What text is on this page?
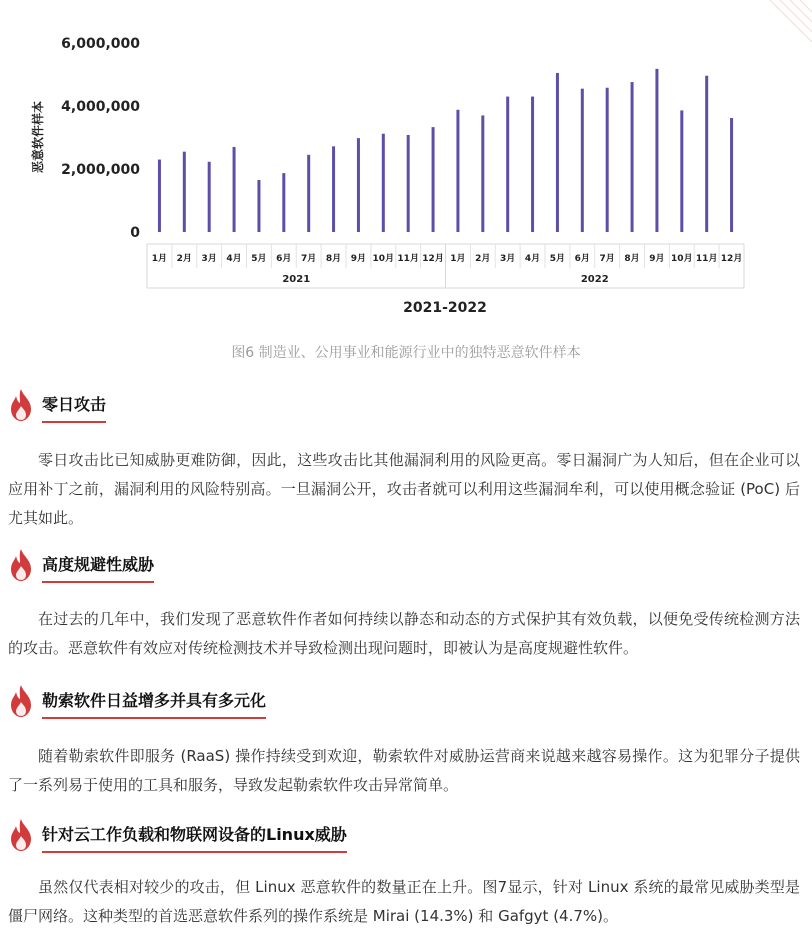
0
2,000,000
4,000,000
6,000,000
1月 2月 3月 4月 5月 6月 7月 8月 9月 10月 11月 12月 1月 2月 3月 4月 5月 6月 7月 8月 9月 10月 11月 12月
2021	2022
恶意软件样本
2021-2022
图6 制造业、公用事业和能源行业中的独特恶意软件样本
零日攻击
零日攻击比已知威胁更难防御，因此，这些攻击比其他漏洞利用的风险更高。零日漏洞广为人知后，但在企业可以应用补丁之前，漏洞利用的风险特别高。一旦漏洞公开，攻击者就可以利用这些漏洞牟利，可以使用概念验证 (PoC) 后尤其如此。
高度规避性威胁
在过去的几年中，我们发现了恶意软件作者如何持续以静态和动态的方式保护其有效负载，以便免受传统检测方法的攻击。恶意软件有效应对传统检测技术并导致检测出现问题时，即被认为是高度规避性软件。
勒索软件日益增多并具有多元化
随着勒索软件即服务 (RaaS) 操作持续受到欢迎，勒索软件对威胁运营商来说越来越容易操作。这为犯罪分子提供了一系列易于使用的工具和服务，导致发起勒索软件攻击异常简单。
针对云工作负载和物联网设备的Linux威胁
虽然仅代表相对较少的攻击，但 Linux 恶意软件的数量正在上升。图7显示，针对 Linux 系统的最常见威胁类型是僵尸网络。这种类型的首选恶意软件系列的操作系统是 Mirai (14.3%) 和 Gafgyt (4.7%)。
